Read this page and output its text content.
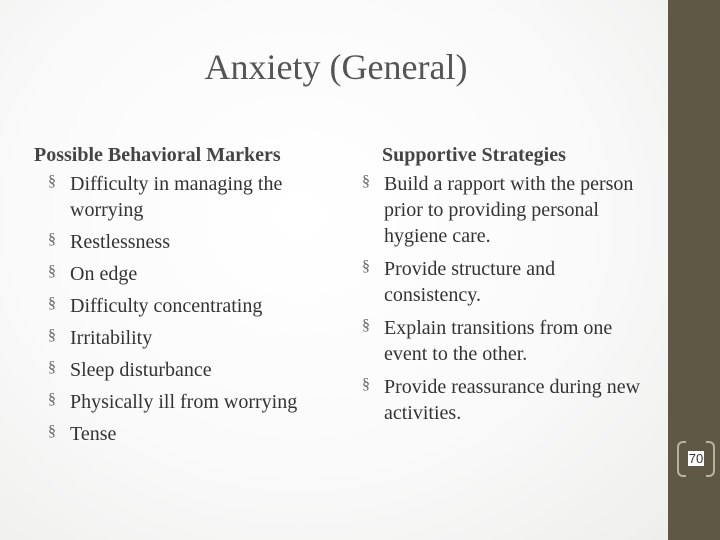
Anxiety (General)
Possible Behavioral Markers
§ Difficulty in managing the worrying
§ Restlessness
§ On edge
§ Difficulty concentrating
§ Irritability
§ Sleep disturbance
§ Physically ill from worrying
§ Tense
Supportive Strategies
§ Build a rapport with the person prior to providing personal hygiene care.
§ Provide structure and consistency.
§ Explain transitions from one event to the other.
§ Provide reassurance during new activities.
70
